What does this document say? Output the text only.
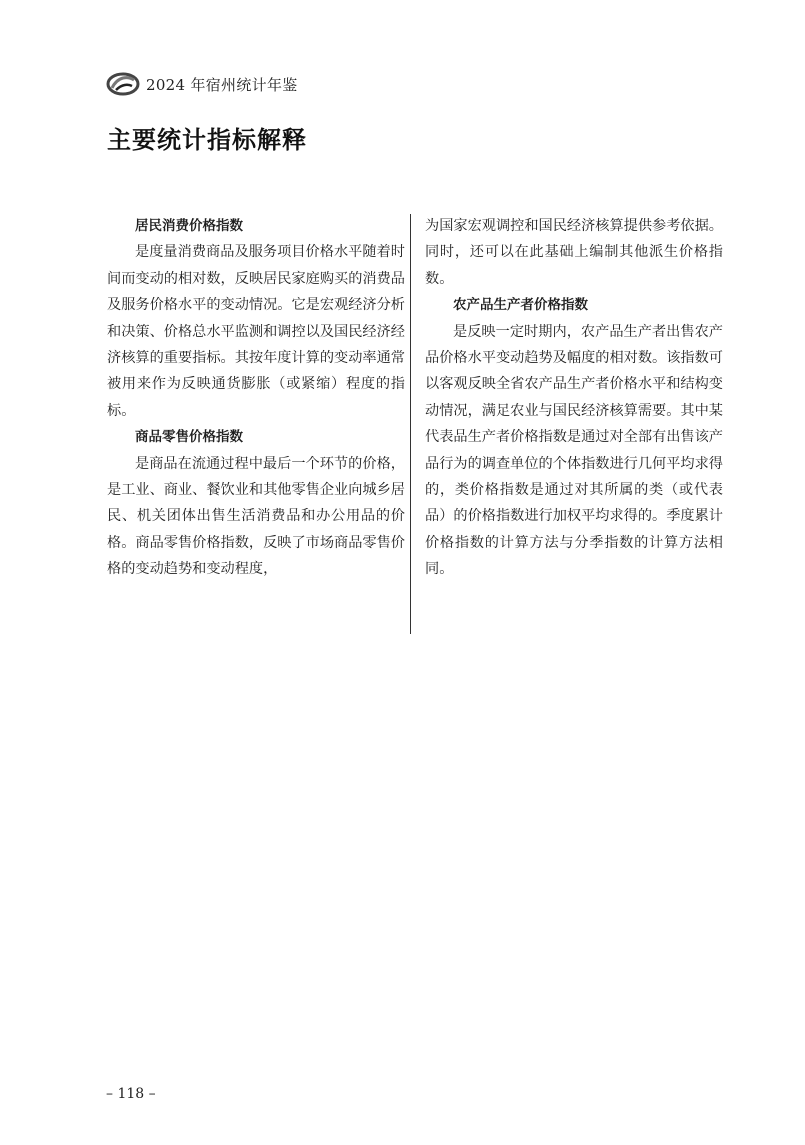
2024 年宿州统计年鉴
主要统计指标解释

居民消费价格指数

是度量消费商品及服务项目价格水平随着时间而变动的相对数，反映居民家庭购买的消费品及服务价格水平的变动情况。它是宏观经济分析和决策、价格总水平监测和调控以及国民经济经济核算的重要指标。其按年度计算的变动率通常被用来作为反映通货膨胀（或紧缩）程度的指标。

商品零售价格指数

是商品在流通过程中最后一个环节的价格，是工业、商业、餐饮业和其他零售企业向城乡居民、机关团体出售生活消费品和办公用品的价格。商品零售价格指数，反映了市场商品零售价格的变动趋势和变动程度，

为国家宏观调控和国民经济核算提供参考依据。同时，还可以在此基础上编制其他派生价格指数。

农产品生产者价格指数

是反映一定时期内，农产品生产者出售农产品价格水平变动趋势及幅度的相对数。该指数可以客观反映全省农产品生产者价格水平和结构变动情况，满足农业与国民经济核算需要。其中某代表品生产者价格指数是通过对全部有出售该产品行为的调查单位的个体指数进行几何平均求得的，类价格指数是通过对其所属的类（或代表品）的价格指数进行加权平均求得的。季度累计价格指数的计算方法与分季指数的计算方法相同。

– 118 –
